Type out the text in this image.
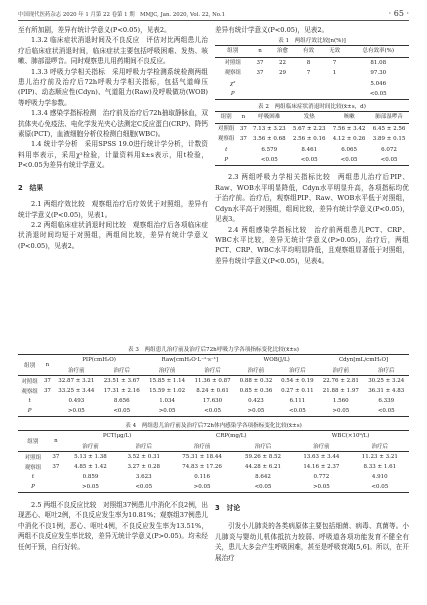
中国现代医药杂志 2020 年 1 月第 22 卷第 1 期　MMJC, Jan. 2020, Vol. 22, No.1	· 65 ·

至有所加剧，差异有统计学意义(P<0.05)，见表2。

1.3.2 临床症状消退时间及不良反应　评估对比两组患儿治疗后临床症状消退时间，临床症状主要包括呼吸困难、发热、咳嗽、肺部湿啰音。同时观察患儿用药期间不良反应。

1.3.3 呼吸力学相关指标　采用呼吸力学检测系统检测两组患儿治疗前及治疗后72h呼吸力学相关指标，包括气道峰压(PIP)、动态顺应性(Cdyn)、气道阻力(Raw)及呼吸做功(WOB)等呼吸力学参数。

1.3.4 感染学指标检测　治疗前及治疗后72h抽取静脉血，双抗体夹心免疫法、电化学发光夹心法测定C反应蛋白(CRP)、降钙素原(PCT)，血液细胞分析仪检测白细胞(WBC)。

1.4 统计学分析　采用SPSS 19.0进行统计学分析，计数资料用率表示，采用χ²检验，计量资料用x̄±s表示，用t检验，P<0.05为差异有统计学意义。

2　结果

2.1 两组疗效比较　观察组治疗后疗效优于对照组，差异有统计学意义(P<0.05)，见表1。

2.2 两组临床症状消退时间比较　观察组治疗后各项临床症状消退时间均短于对照组，两组间比较，差异有统计学意义(P<0.05)，见表2。

差异有统计学意义(P<0.05)，见表2。

表 1　两组疗效比较[n(%)]

组别	n	治愈	有效	无效	总有效率(%)
对照组	37	22	8	7	81.08
观察组	37	29	7	1	97.30
χ²					5.046
P					<0.05

表 2　两组临床症状消退时间比较(x̄±s，d)

组别	n	呼吸困难	发热	咳嗽	肺部湿啰音
对照组	37	7.13 ± 3.23	5.67 ± 2.23	7.56 ± 3.42	6.45 ± 2.56
观察组	37	3.56 ± 0.68	2.56 ± 0.16	4.12 ± 0.26	3.89 ± 0.15
t		6.579	8.461	6.065	6.072
P		<0.05	<0.05	<0.05	<0.05

2.3 两组呼吸力学相关指标比较　两组患儿治疗后PIP、Raw、WOB水平明显降低，Cdyn水平明显升高，各项指标均优于治疗前。治疗后，观察组PIP、Raw、WOB水平低于对照组，Cdyn水平高于对照组，组间比较，差异有统计学意义(P<0.05)，见表3。

2.4 两组感染学指标比较　治疗前两组患儿PCT、CRP、WBC水平比较，差异无统计学意义(P>0.05)，治疗后，两组PCT、CRP、WBC水平均明显降低，且观察组显著低于对照组，差异有统计学意义(P<0.05)，见表4。

表 3　两组患儿治疗前及治疗后72h呼吸力学各项指标变化比较(x̄±s)

组别	n	PIP(cmH₂O)		Raw[cmH₂O·L⁻¹·s⁻¹]		WOB(J/L)		Cdyn[mL/cmH₂O]	
		治疗前	治疗后	治疗前	治疗后	治疗前	治疗后	治疗前	治疗后
对照组	37	32.87 ± 3.21	23.51 ± 3.67	15.85 ± 1.14	11.36 ± 0.87	0.88 ± 0.32	0.54 ± 0.19	22.76 ± 2.81	30.25 ± 3.24
观察组	37	33.25 ± 3.44	17.31 ± 2.16	15.59 ± 1.02	8.24 ± 0.61	0.85 ± 0.36	0.27 ± 0.11	21.88 ± 1.97	36.31 ± 4.83
t		0.493	8.656	1.034	17.630	0.423	6.111	1.560	6.339
P		>0.05	<0.05	>0.05	<0.05	>0.05	<0.05	>0.05	<0.05

表 4　两组患儿治疗前及治疗后72h体内感染学各项指标变化比较(x̄±s)

组别	n	PCT(μg/L)		CRP(mg/L)		WBC(×10⁹/L)	
		治疗前	治疗后	治疗前	治疗后	治疗前	治疗后
对照组	37	5.13 ± 1.38	3.52 ± 0.31	75.31 ± 18.44	59.26 ± 8.52	13.63 ± 3.44	11.23 ± 3.21
观察组	37	4.85 ± 1.42	3.27 ± 0.28	74.83 ± 17.26	44.28 ± 6.21	14.16 ± 2.37	8.33 ± 1.61
t		0.859	3.623	0.116	8.642	0.772	4.910
P		>0.05	<0.05	>0.05	<0.05	>0.05	<0.05

2.5 两组不良反应比较　对照组37例患儿中消化不良2例，出现恶心、呕吐2例，不良反应发生率为10.81%；观察组37例患儿中消化不良1例，恶心、呕吐4例，不良反应发生率为13.51%，两组不良反应发生率比较，差异无统计学意义(P>0.05)。均未经任何干预，自行好转。

3　讨论

引发小儿肺炎的各类病原体主要包括细菌、病毒、真菌等。小儿肺炎与婴幼儿机体抵抗力较弱、呼吸道各项功能发育不健全有关，患儿大多会产生呼吸困难，甚至是呼吸衰竭[5,6]。所以，在开展治疗
